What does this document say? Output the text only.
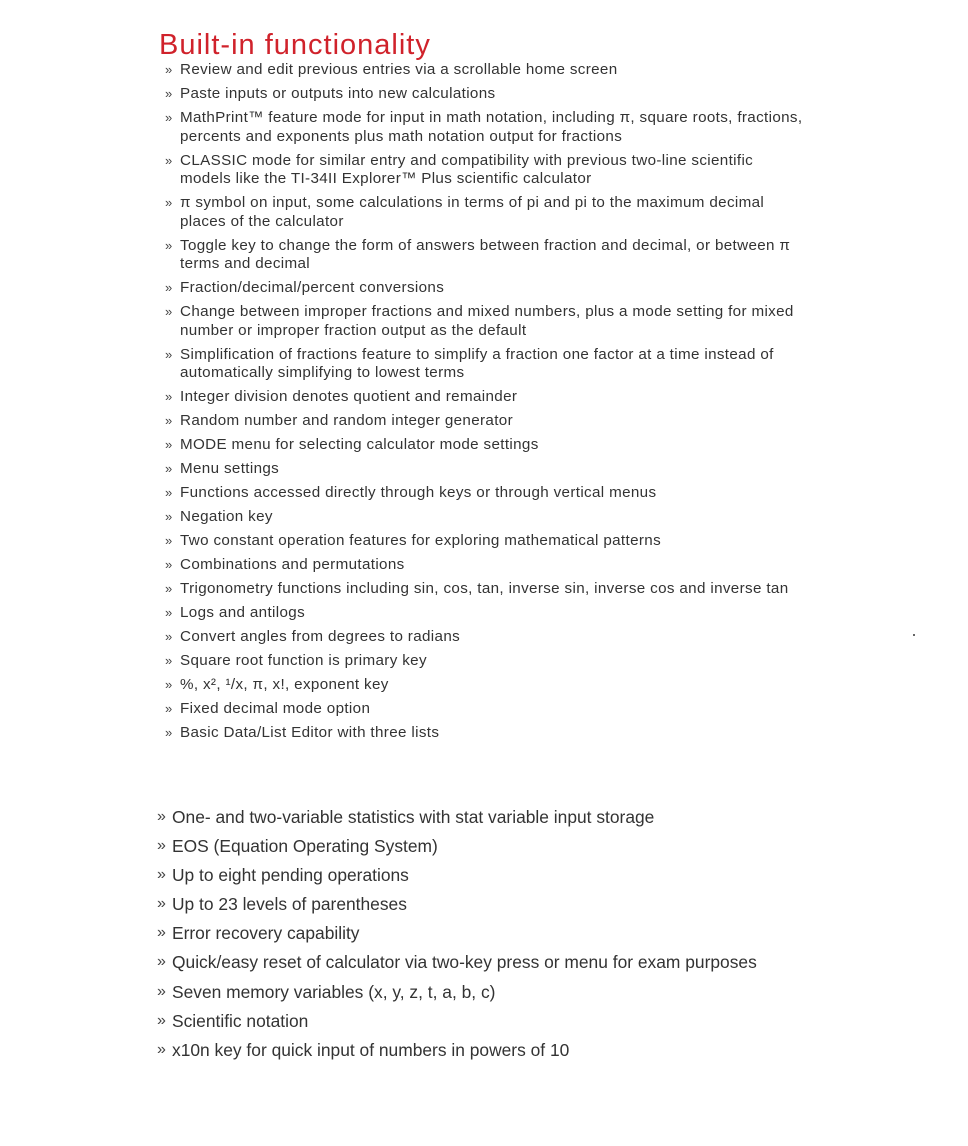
Built-in functionality
» Review and edit previous entries via a scrollable home screen
» Paste inputs or outputs into new calculations
» MathPrint™ feature mode for input in math notation, including π, square roots, fractions, percents and exponents plus math notation output for fractions
» CLASSIC mode for similar entry and compatibility with previous two-line scientific models like the TI-34II Explorer™ Plus scientific calculator
» π symbol on input, some calculations in terms of pi and pi to the maximum decimal places of the calculator
» Toggle key to change the form of answers between fraction and decimal, or between π terms and decimal
» Fraction/decimal/percent conversions
» Change between improper fractions and mixed numbers, plus a mode setting for mixed number or improper fraction output as the default
» Simplification of fractions feature to simplify a fraction one factor at a time instead of automatically simplifying to lowest terms
» Integer division denotes quotient and remainder
» Random number and random integer generator
» MODE menu for selecting calculator mode settings
» Menu settings
» Functions accessed directly through keys or through vertical menus
» Negation key
» Two constant operation features for exploring mathematical patterns
» Combinations and permutations
» Trigonometry functions including sin, cos, tan, inverse sin, inverse cos and inverse tan
» Logs and antilogs
» Convert angles from degrees to radians
» Square root function is primary key
» %, x², ¹/x, π, x!, exponent key
» Fixed decimal mode option
» Basic Data/List Editor with three lists
» One- and two-variable statistics with stat variable input storage
» EOS (Equation Operating System)
» Up to eight pending operations
» Up to 23 levels of parentheses
» Error recovery capability
» Quick/easy reset of calculator via two-key press or menu for exam purposes
» Seven memory variables (x, y, z, t, a, b, c)
» Scientific notation
» x10n key for quick input of numbers in powers of 10
